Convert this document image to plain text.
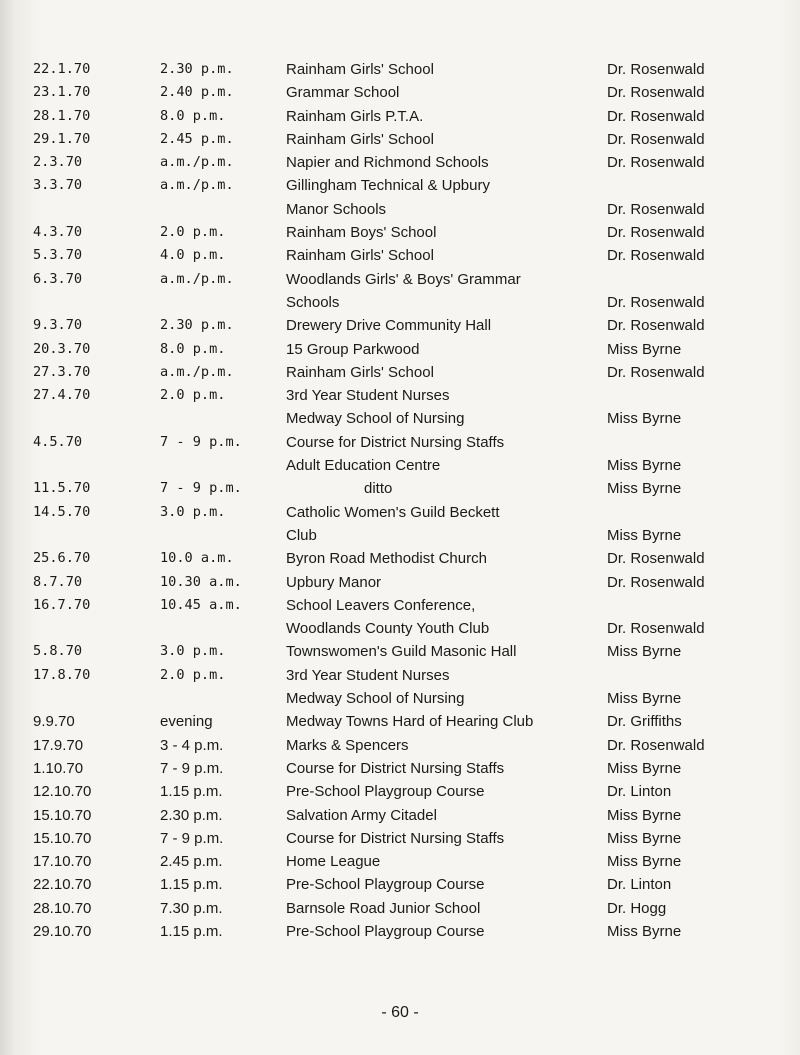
22.1.70	2.30 p.m.	Rainham Girls' School	Dr. Rosenwald
23.1.70	2.40 p.m.	Grammar School	Dr. Rosenwald
28.1.70	8.0 p.m.	Rainham Girls P.T.A.	Dr. Rosenwald
29.1.70	2.45 p.m.	Rainham Girls' School	Dr. Rosenwald
2.3.70	a.m./p.m.	Napier and Richmond Schools	Dr. Rosenwald
3.3.70	a.m./p.m.	Gillingham Technical & Upbury
Manor Schools	Dr. Rosenwald
4.3.70	2.0 p.m.	Rainham Boys' School	Dr. Rosenwald
5.3.70	4.0 p.m.	Rainham Girls' School	Dr. Rosenwald
6.3.70	a.m./p.m.	Woodlands Girls' & Boys' Grammar
Schools	Dr. Rosenwald
9.3.70	2.30 p.m.	Drewery Drive Community Hall	Dr. Rosenwald
20.3.70	8.0 p.m.	15 Group Parkwood	Miss Byrne
27.3.70	a.m./p.m.	Rainham Girls' School	Dr. Rosenwald
27.4.70	2.0 p.m.	3rd Year Student Nurses
Medway School of Nursing	Miss Byrne
4.5.70	7 - 9 p.m.	Course for District Nursing Staffs
Adult Education Centre	Miss Byrne
11.5.70	7 - 9 p.m.	ditto	Miss Byrne
14.5.70	3.0 p.m.	Catholic Women's Guild Beckett
Club	Miss Byrne
25.6.70	10.0 a.m.	Byron Road Methodist Church	Dr. Rosenwald
8.7.70	10.30 a.m.	Upbury Manor	Dr. Rosenwald
16.7.70	10.45 a.m.	School Leavers Conference,
Woodlands County Youth Club	Dr. Rosenwald
5.8.70	3.0 p.m.	Townswomen's Guild Masonic Hall	Miss Byrne
17.8.70	2.0 p.m.	3rd Year Student Nurses
Medway School of Nursing	Miss Byrne
9.9.70	evening	Medway Towns Hard of Hearing Club	Dr. Griffiths
17.9.70	3 - 4 p.m.	Marks & Spencers	Dr. Rosenwald
1.10.70	7 - 9 p.m.	Course for District Nursing Staffs	Miss Byrne
12.10.70	1.15 p.m.	Pre-School Playgroup Course	Dr. Linton
15.10.70	2.30 p.m.	Salvation Army Citadel	Miss Byrne
15.10.70	7 - 9 p.m.	Course for District Nursing Staffs	Miss Byrne
17.10.70	2.45 p.m.	Home League	Miss Byrne
22.10.70	1.15 p.m.	Pre-School Playgroup Course	Dr. Linton
28.10.70	7.30 p.m.	Barnsole Road Junior School	Dr. Hogg
29.10.70	1.15 p.m.	Pre-School Playgroup Course	Miss Byrne
- 60 -
